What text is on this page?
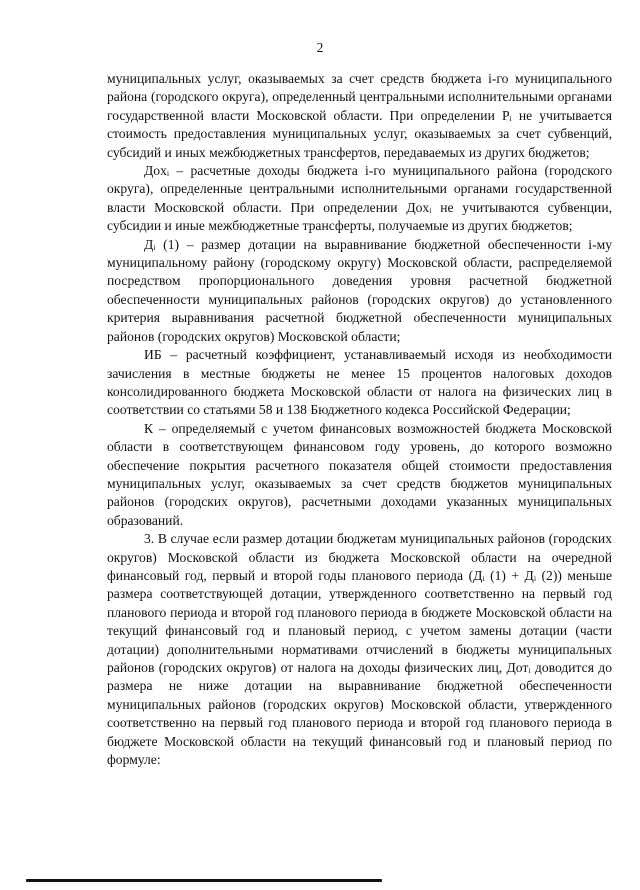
2

муниципальных услуг, оказываемых за счет средств бюджета i-го муниципального района (городского округа), определенный центральными исполнительными органами государственной власти Московской области. При определении Pᵢ не учитывается стоимость предоставления муниципальных услуг, оказываемых за счет субвенций, субсидий и иных межбюджетных трансфертов, передаваемых из других бюджетов;

Доxᵢ – расчетные доходы бюджета i-го муниципального района (городского округа), определенные центральными исполнительными органами государственной власти Московской области. При определении Доxᵢ не учитываются субвенции, субсидии и иные межбюджетные трансферты, получаемые из других бюджетов;

Дᵢ (1) – размер дотации на выравнивание бюджетной обеспеченности i-му муниципальному району (городскому округу) Московской области, распределяемой посредством пропорционального доведения уровня расчетной бюджетной обеспеченности муниципальных районов (городских округов) до установленного критерия выравнивания расчетной бюджетной обеспеченности муниципальных районов (городских округов) Московской области;

ИБ – расчетный коэффициент, устанавливаемый исходя из необходимости зачисления в местные бюджеты не менее 15 процентов налоговых доходов консолидированного бюджета Московской области от налога на физических лиц в соответствии со статьями 58 и 138 Бюджетного кодекса Российской Федерации;

К – определяемый с учетом финансовых возможностей бюджета Московской области в соответствующем финансовом году уровень, до которого возможно обеспечение покрытия расчетного показателя общей стоимости предоставления муниципальных услуг, оказываемых за счет средств бюджетов муниципальных районов (городских округов), расчетными доходами указанных муниципальных образований.

3. В случае если размер дотации бюджетам муниципальных районов (городских округов) Московской области из бюджета Московской области на очередной финансовый год, первый и второй годы планового периода (Дᵢ (1) + Дᵢ (2)) меньше размера соответствующей дотации, утвержденного соответственно на первый год планового периода и второй год планового периода в бюджете Московской области на текущий финансовый год и плановый период, с учетом замены дотации (части дотации) дополнительными нормативами отчислений в бюджеты муниципальных районов (городских округов) от налога на доходы физических лиц, Дотᵢ доводится до размера не ниже дотации на выравнивание бюджетной обеспеченности муниципальных районов (городских округов) Московской области, утвержденного соответственно на первый год планового периода и второй год планового периода в бюджете Московской области на текущий финансовый год и плановый период по формуле:
